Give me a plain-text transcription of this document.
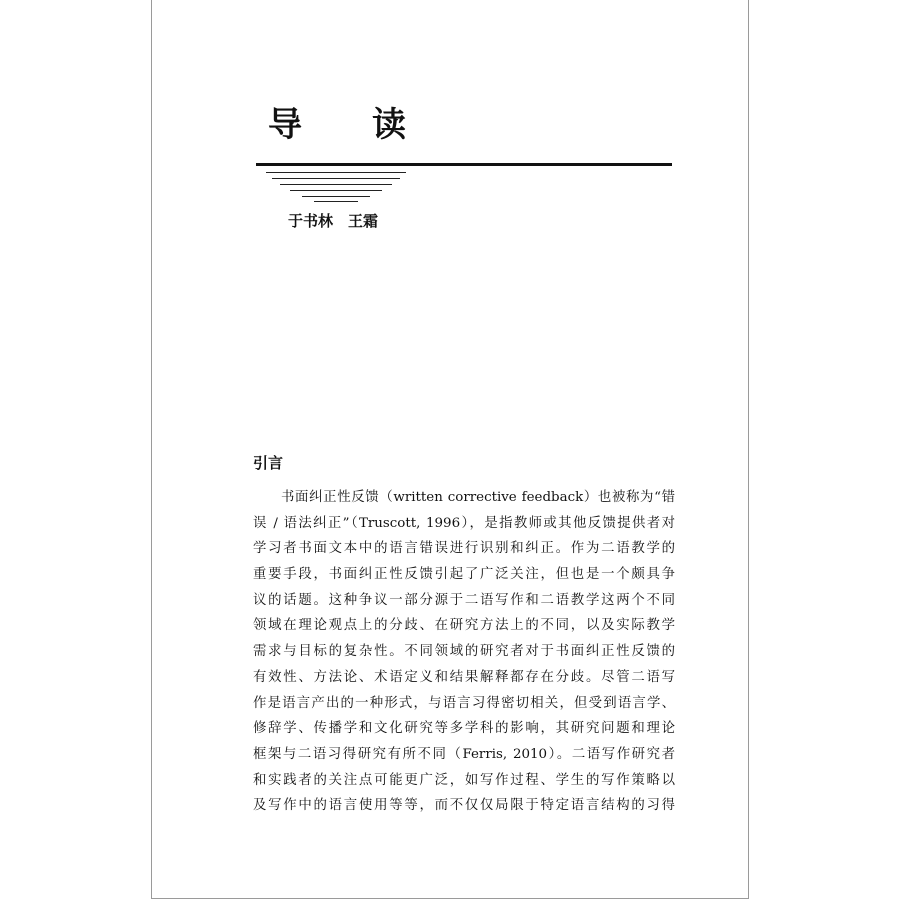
导读

于书林　王霜

引言
书面纠正性反馈（written corrective feedback）也被称为“错
误 / 语法纠正”（Truscott, 1996），是指教师或其他反馈提供者对
学习者书面文本中的语言错误进行识别和纠正。作为二语教学的
重要手段，书面纠正性反馈引起了广泛关注，但也是一个颇具争
议的话题。这种争议一部分源于二语写作和二语教学这两个不同
领域在理论观点上的分歧、在研究方法上的不同，以及实际教学
需求与目标的复杂性。不同领域的研究者对于书面纠正性反馈的
有效性、方法论、术语定义和结果解释都存在分歧。尽管二语写
作是语言产出的一种形式，与语言习得密切相关，但受到语言学、
修辞学、传播学和文化研究等多学科的影响，其研究问题和理论
框架与二语习得研究有所不同（Ferris, 2010）。二语写作研究者
和实践者的关注点可能更广泛，如写作过程、学生的写作策略以
及写作中的语言使用等等，而不仅仅局限于特定语言结构的习得
